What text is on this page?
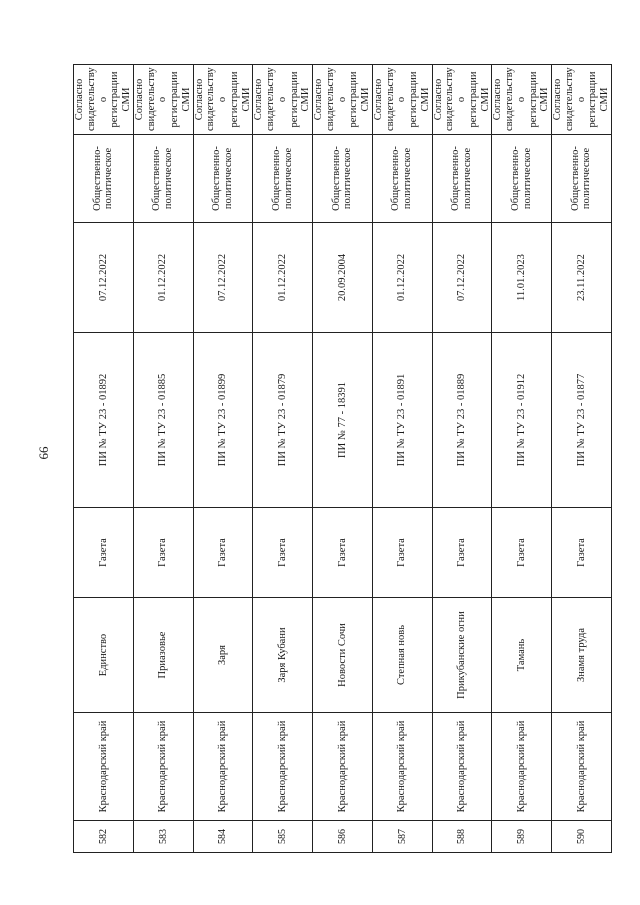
66
582	Краснодарский край	Единство	Газета	ПИ № ТУ 23 - 01892	07.12.2022	Общественно-политическое	Согласно свидетельству о регистрации СМИ
583	Краснодарский край	Приазовье	Газета	ПИ № ТУ 23 - 01885	01.12.2022	Общественно-политическое	Согласно свидетельству о регистрации СМИ
584	Краснодарский край	Заря	Газета	ПИ № ТУ 23 - 01899	07.12.2022	Общественно-политическое	Согласно свидетельству о регистрации СМИ
585	Краснодарский край	Заря Кубани	Газета	ПИ № ТУ 23 - 01879	01.12.2022	Общественно-политическое	Согласно свидетельству о регистрации СМИ
586	Краснодарский край	Новости Сочи	Газета	ПИ № 77 - 18391	20.09.2004	Общественно-политическое	Согласно свидетельству о регистрации СМИ
587	Краснодарский край	Степная новь	Газета	ПИ № ТУ 23 - 01891	01.12.2022	Общественно-политическое	Согласно свидетельству о регистрации СМИ
588	Краснодарский край	Прикубанские огни	Газета	ПИ № ТУ 23 - 01889	07.12.2022	Общественно-политическое	Согласно свидетельству о регистрации СМИ
589	Краснодарский край	Тамань	Газета	ПИ № ТУ 23 - 01912	11.01.2023	Общественно-политическое	Согласно свидетельству о регистрации СМИ
590	Краснодарский край	Знамя труда	Газета	ПИ № ТУ 23 - 01877	23.11.2022	Общественно-политическое	Согласно свидетельству о регистрации СМИ
